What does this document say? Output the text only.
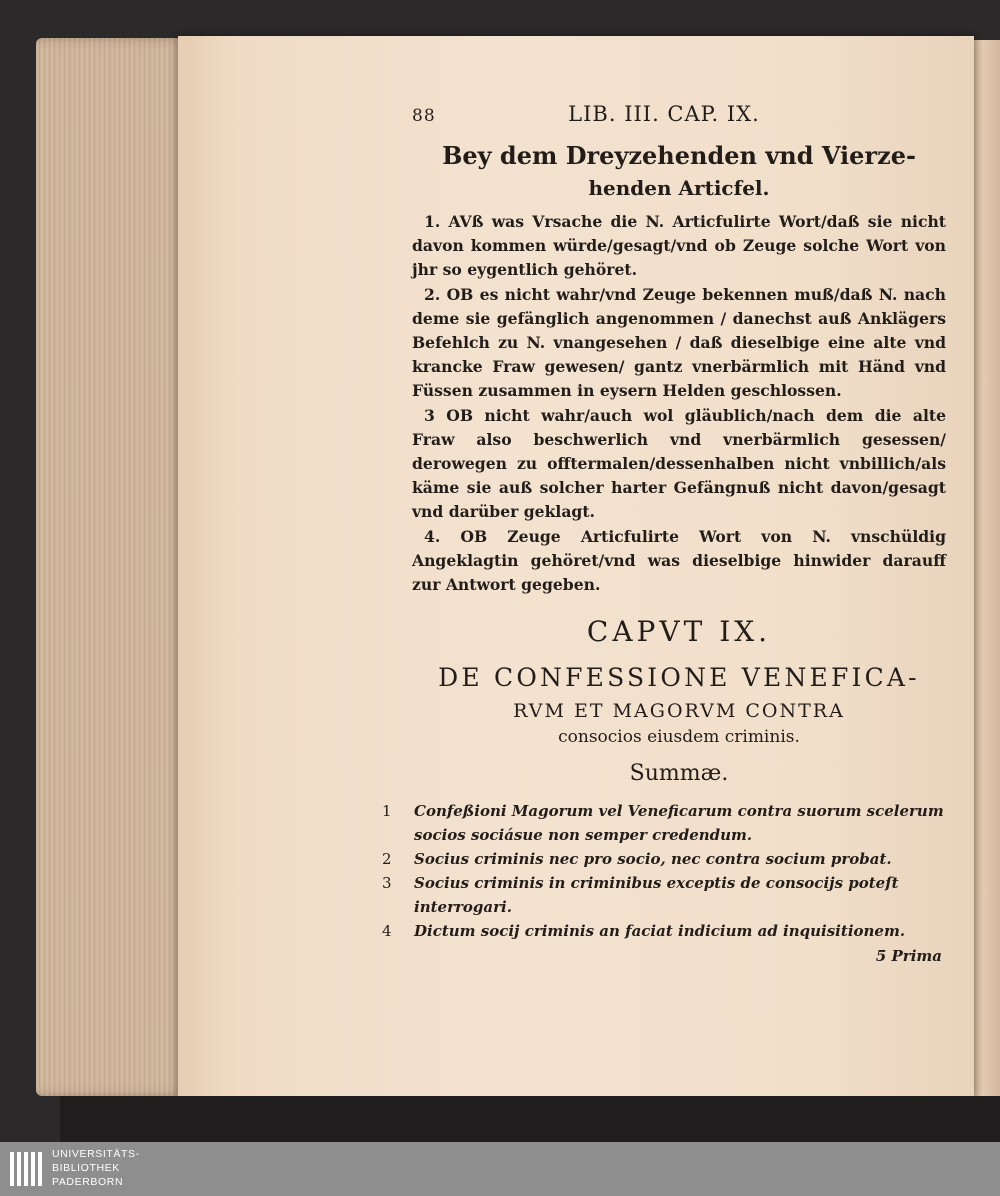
88	LIB. III. CAP. IX.
Bey dem Dreyzehenden vnd Vierze-
henden Articfel.

1. AVß was Vrsache die N. Articfulirte Wort/daß sie nicht davon kommen würde/gesagt/vnd ob Zeuge solche Wort von jhr so eygentlich gehöret.

2. OB es nicht wahr/vnd Zeuge bekennen muß/daß N. nach deme sie gefänglich angenommen / danechst auß Anklägers Befehlch zu N. vnangesehen / daß dieselbige eine alte vnd krancke Fraw gewesen/ gantz vnerbärmlich mit Händ vnd Füssen zusammen in eysern Helden geschlossen.

3 OB nicht wahr/auch wol gläublich/nach dem die alte Fraw also beschwerlich vnd vnerbärmlich gesessen/ derowegen zu offtermalen/dessenhalben nicht vnbillich/als käme sie auß solcher harter Gefängnuß nicht davon/gesagt vnd darüber geklagt.

4. OB Zeuge Articfulirte Wort von N. vnschüldig Angeklagtin gehöret/vnd was dieselbige hinwider darauff zur Antwort gegeben.

CAPVT IX.
DE CONFESSIONE VENEFICA-
RVM ET MAGORVM CONTRA
consocios eiusdem criminis.
Summæ.
1	Confeßioni Magorum vel Veneficarum contra suorum scelerum socios sociásue non semper credendum.
2	Socius criminis nec pro socio, nec contra socium probat.
3	Socius criminis in criminibus exceptis de consocijs poteſt interrogari.
4	Dictum socij criminis an faciat indicium ad inquisitionem.
5 Prima
UNIVERSITÄTS-
BIBLIOTHEK
PADERBORN
